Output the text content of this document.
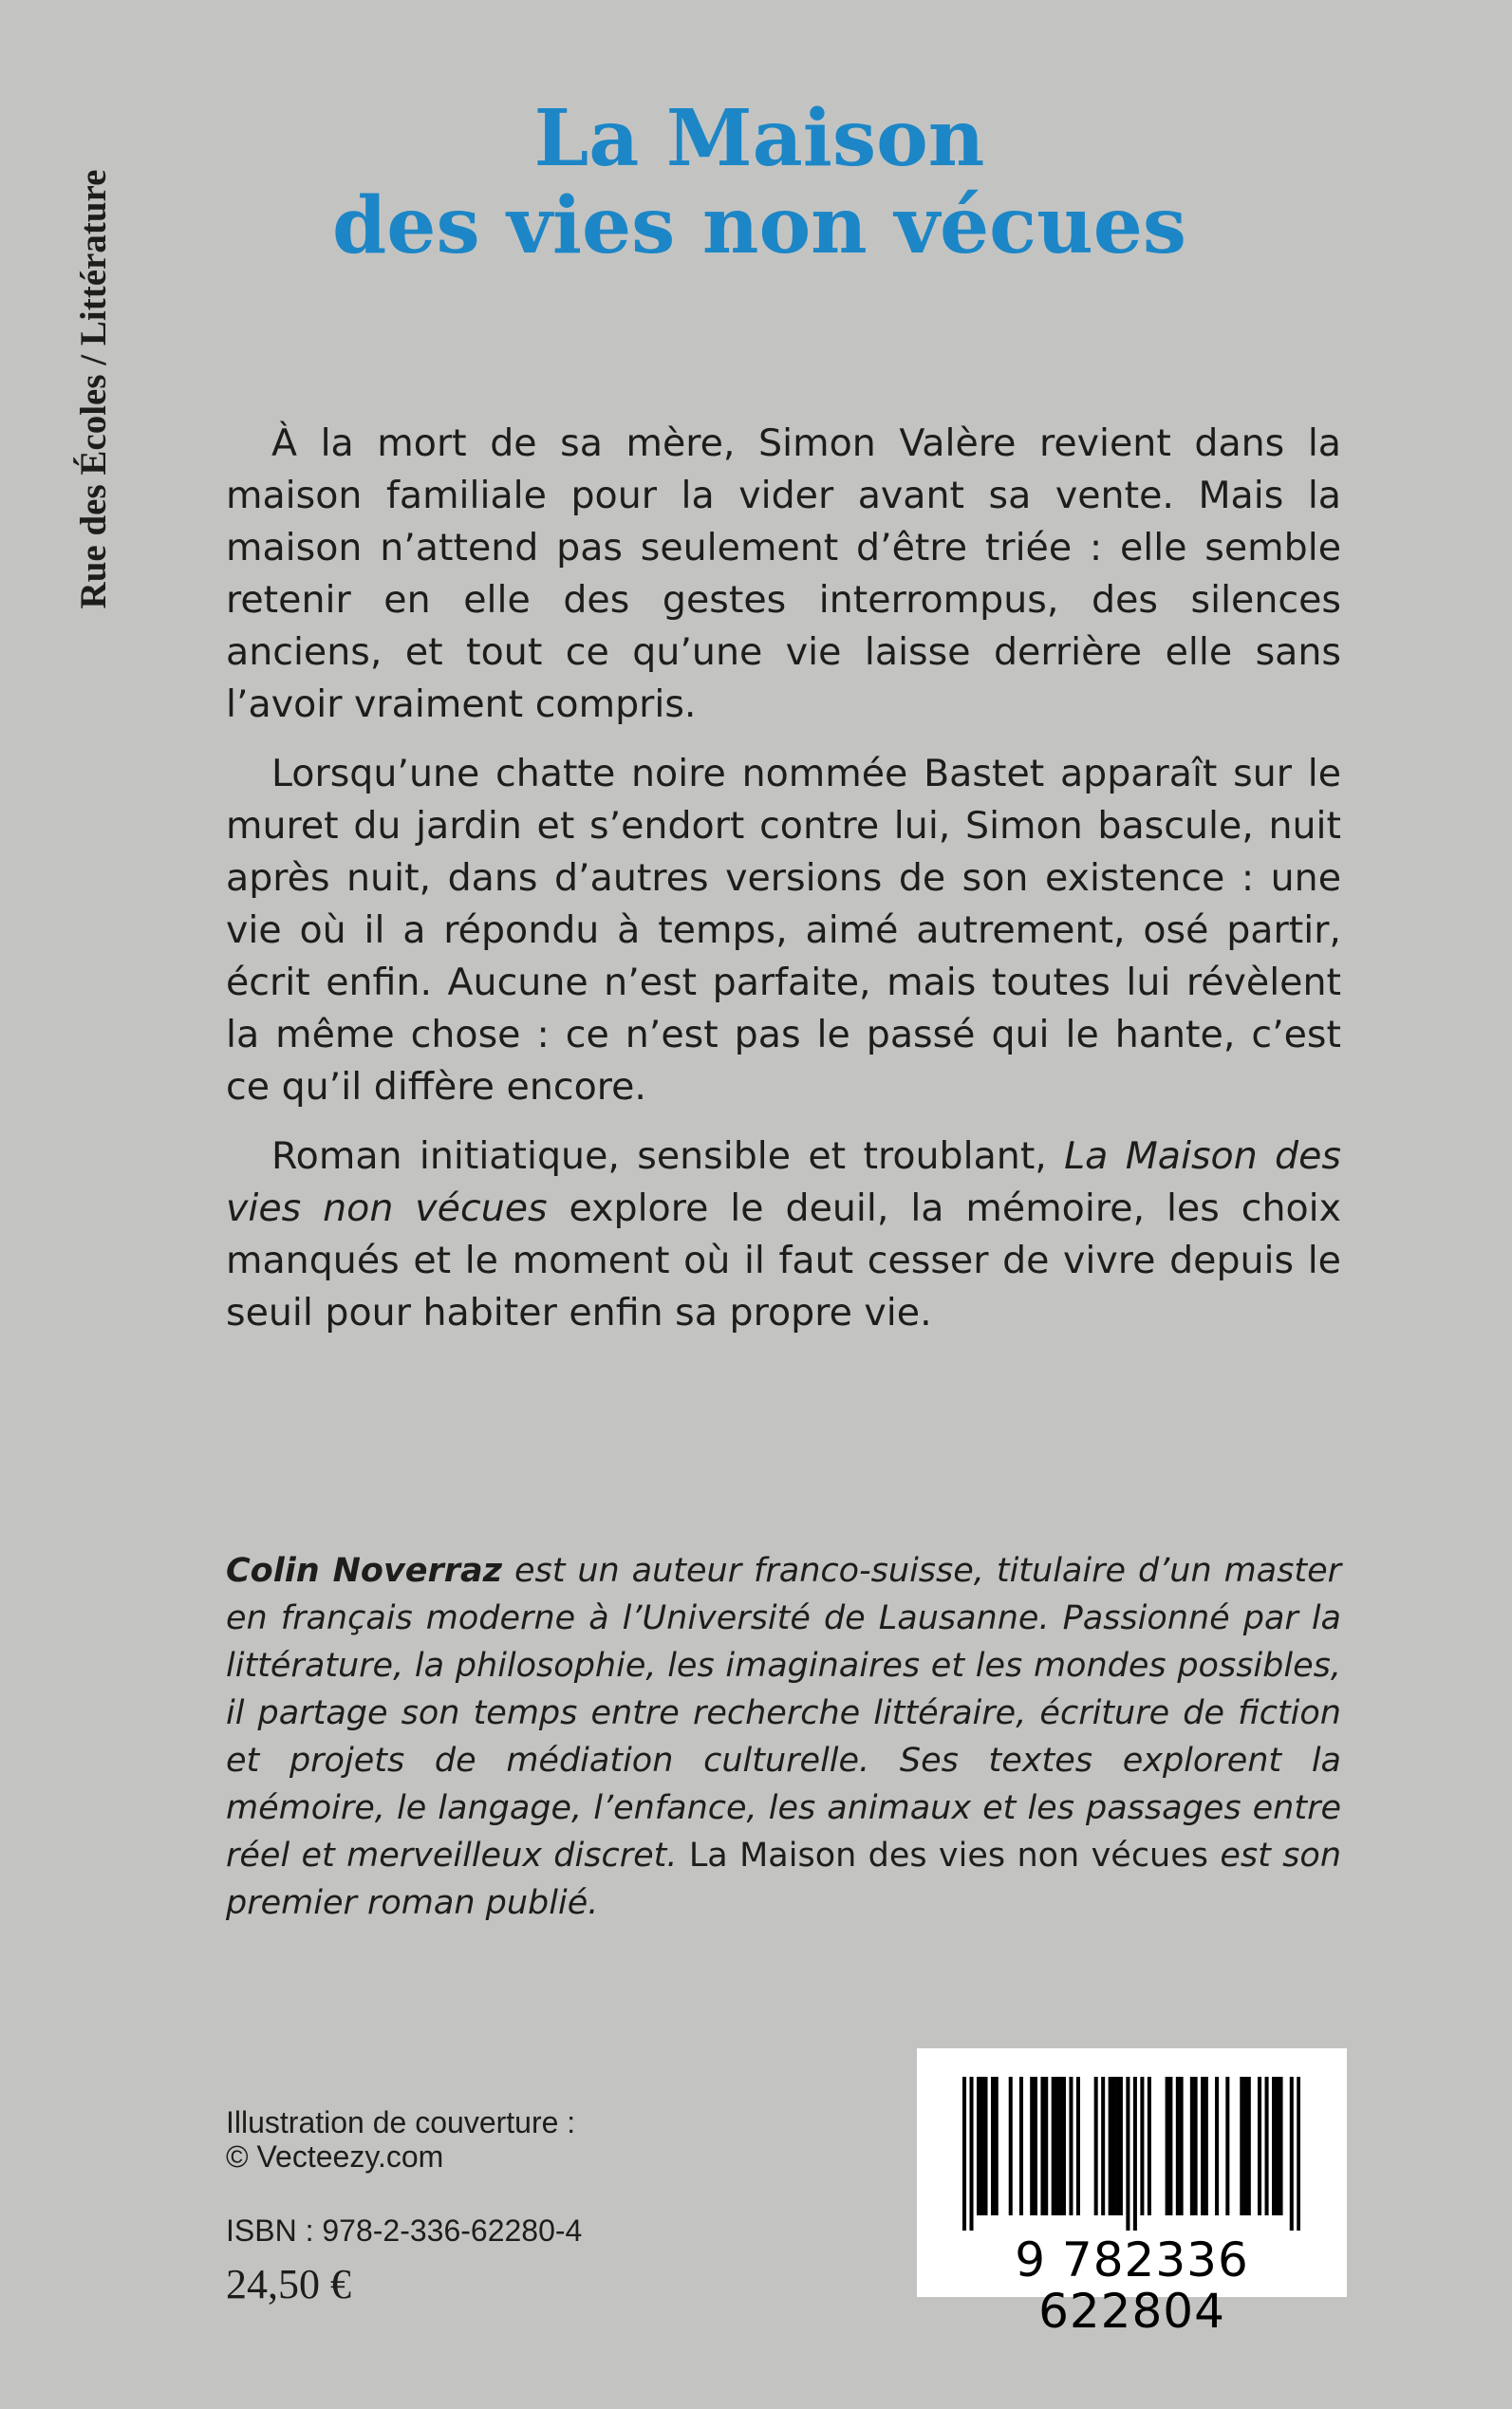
Rue des Écoles / Littérature
La Maison
des vies non vécues

À la mort de sa mère, Simon Valère revient dans la maison familiale pour la vider avant sa vente. Mais la maison n’attend pas seulement d’être triée : elle semble retenir en elle des gestes interrompus, des silences anciens, et tout ce qu’une vie laisse derrière elle sans l’avoir vraiment compris.

Lorsqu’une chatte noire nommée Bastet apparaît sur le muret du jardin et s’endort contre lui, Simon bascule, nuit après nuit, dans d’autres versions de son existence : une vie où il a répondu à temps, aimé autrement, osé partir, écrit enfin. Aucune n’est parfaite, mais toutes lui révèlent la même chose : ce n’est pas le passé qui le hante, c’est ce qu’il diffère encore.

Roman initiatique, sensible et troublant, La Maison des vies non vécues explore le deuil, la mémoire, les choix manqués et le moment où il faut cesser de vivre depuis le seuil pour habiter enfin sa propre vie.

Colin Noverraz est un auteur franco-suisse, titulaire d’un master en français moderne à l’Université de Lausanne. Passionné par la littérature, la philosophie, les imaginaires et les mondes possibles, il partage son temps entre recherche littéraire, écriture de fiction et projets de médiation culturelle. Ses textes explorent la mémoire, le langage, l’enfance, les animaux et les passages entre réel et merveilleux discret. La Maison des vies non vécues est son premier roman publié.

Illustration de couverture :
© Vecteezy.com

ISBN : 978-2-336-62280-4

24,50 €	9 782336 622804
